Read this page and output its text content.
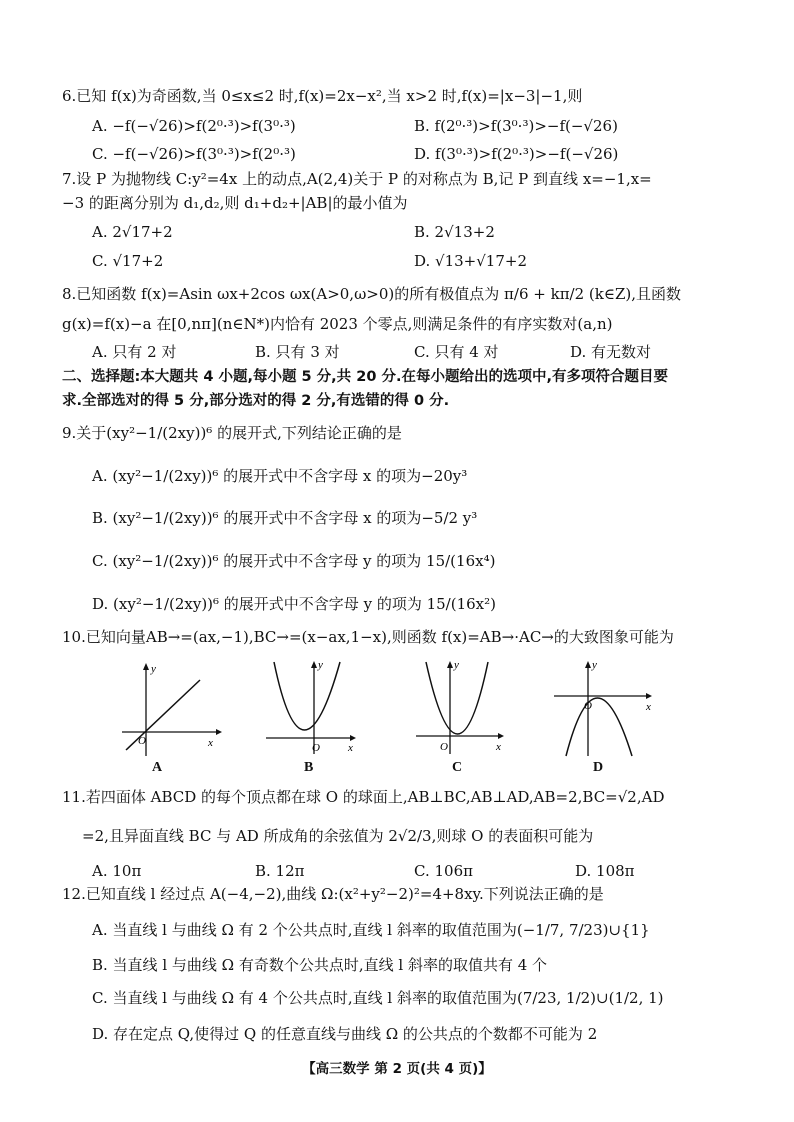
6.已知 f(x)为奇函数,当 0≤x≤2 时,f(x)=2x−x²,当 x>2 时,f(x)=|x−3|−1,则
A. −f(−√26)>f(2⁰·³)>f(3⁰·³)	B. f(2⁰·³)>f(3⁰·³)>−f(−√26)
C. −f(−√26)>f(3⁰·³)>f(2⁰·³)	D. f(3⁰·³)>f(2⁰·³)>−f(−√26)
7.设 P 为抛物线 C:y²=4x 上的动点,A(2,4)关于 P 的对称点为 B,记 P 到直线 x=−1,x=
−3 的距离分别为 d₁,d₂,则 d₁+d₂+|AB|的最小值为
A. 2√17+2	B. 2√13+2
C. √17+2	D. √13+√17+2
8.已知函数 f(x)=Asin ωx+2cos ωx(A>0,ω>0)的所有极值点为 π/6 + kπ/2 (k∈Z),且函数
g(x)=f(x)−a 在[0,nπ](n∈N*)内恰有 2023 个零点,则满足条件的有序实数对(a,n)
A. 只有 2 对	B. 只有 3 对	C. 只有 4 对	D. 有无数对
二、选择题:本大题共 4 小题,每小题 5 分,共 20 分.在每小题给出的选项中,有多项符合题目要
求.全部选对的得 5 分,部分选对的得 2 分,有选错的得 0 分.
9.关于(xy²−1/(2xy))⁶ 的展开式,下列结论正确的是
A. (xy²−1/(2xy))⁶ 的展开式中不含字母 x 的项为−20y³
B. (xy²−1/(2xy))⁶ 的展开式中不含字母 x 的项为−5/2 y³
C. (xy²−1/(2xy))⁶ 的展开式中不含字母 y 的项为 15/(16x⁴)
D. (xy²−1/(2xy))⁶ 的展开式中不含字母 y 的项为 15/(16x²)
10.已知向量AB→=(ax,−1),BC→=(x−ax,1−x),则函数 f(x)=AB→·AC→的大致图象可能为
x
y
O
A
x
y
O
B
x
y
O
C
x
y
O
D
11.若四面体 ABCD 的每个顶点都在球 O 的球面上,AB⊥BC,AB⊥AD,AB=2,BC=√2,AD
=2,且异面直线 BC 与 AD 所成角的余弦值为 2√2/3,则球 O 的表面积可能为
A. 10π	B. 12π	C. 106π	D. 108π
12.已知直线 l 经过点 A(−4,−2),曲线 Ω:(x²+y²−2)²=4+8xy.下列说法正确的是
A. 当直线 l 与曲线 Ω 有 2 个公共点时,直线 l 斜率的取值范围为(−1/7, 7/23)∪{1}
B. 当直线 l 与曲线 Ω 有奇数个公共点时,直线 l 斜率的取值共有 4 个
C. 当直线 l 与曲线 Ω 有 4 个公共点时,直线 l 斜率的取值范围为(7/23, 1/2)∪(1/2, 1)
D. 存在定点 Q,使得过 Q 的任意直线与曲线 Ω 的公共点的个数都不可能为 2
【高三数学 第 2 页(共 4 页)】
